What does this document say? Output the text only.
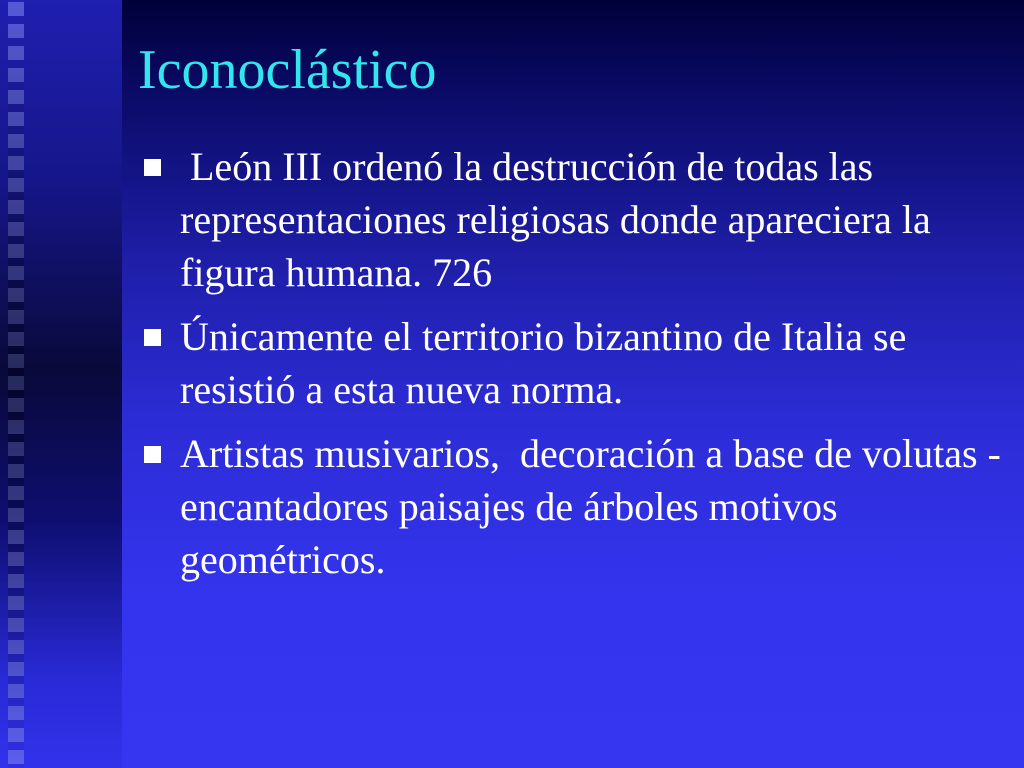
Iconoclástico
León III ordenó la destrucción de todas las representaciones religiosas donde apareciera la figura humana. 726
Únicamente el territorio bizantino de Italia se resistió a esta nueva norma.
Artistas musivarios,  decoración a base de volutas - encantadores paisajes de árboles motivos geométricos.
